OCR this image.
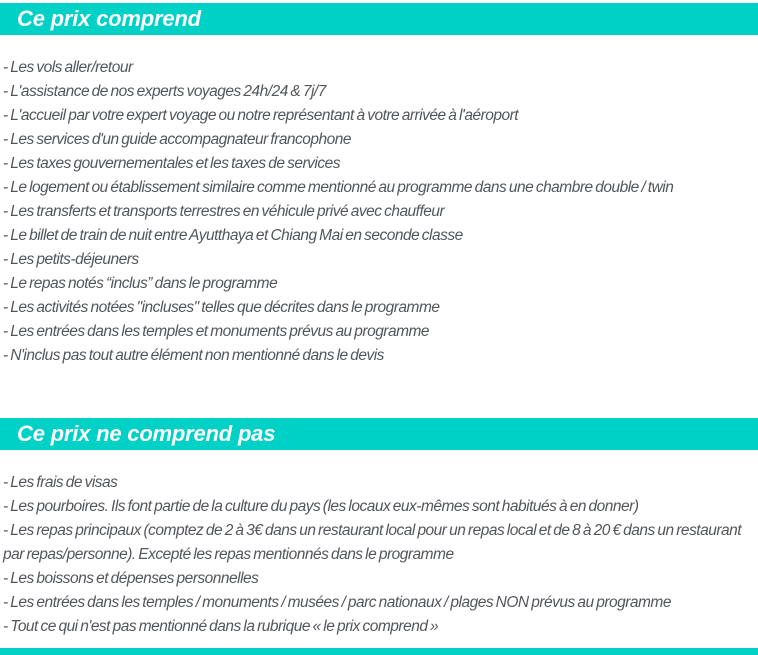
Ce prix comprend

- Les vols aller/retour

- L'assistance de nos experts voyages 24h/24 & 7j/7

- L'accueil par votre expert voyage ou notre représentant à votre arrivée à l'aéroport

- Les services d'un guide accompagnateur francophone

- Les taxes gouvernementales et les taxes de services

- Le logement ou établissement similaire comme mentionné au programme dans une chambre double / twin

- Les transferts et transports terrestres en véhicule privé avec chauffeur

- Le billet de train de nuit entre Ayutthaya et Chiang Mai en seconde classe

- Les petits-déjeuners

- Le repas notés “inclus” dans le programme

- Les activités notées "incluses" telles que décrites dans le programme

- Les entrées dans les temples et monuments prévus au programme

- N'inclus pas tout autre élément non mentionné dans le devis

Ce prix ne comprend pas

- Les frais de visas

- Les pourboires. Ils font partie de la culture du pays (les locaux eux-mêmes sont habitués à en donner)

- Les repas principaux (comptez de 2 à 3€ dans un restaurant local pour un repas local et de 8 à 20 € dans un restaurant par repas/personne). Excepté les repas mentionnés dans le programme

- Les boissons et dépenses personnelles

- Les entrées dans les temples / monuments / musées / parc nationaux / plages NON prévus au programme

- Tout ce qui n'est pas mentionné dans la rubrique « le prix comprend »
